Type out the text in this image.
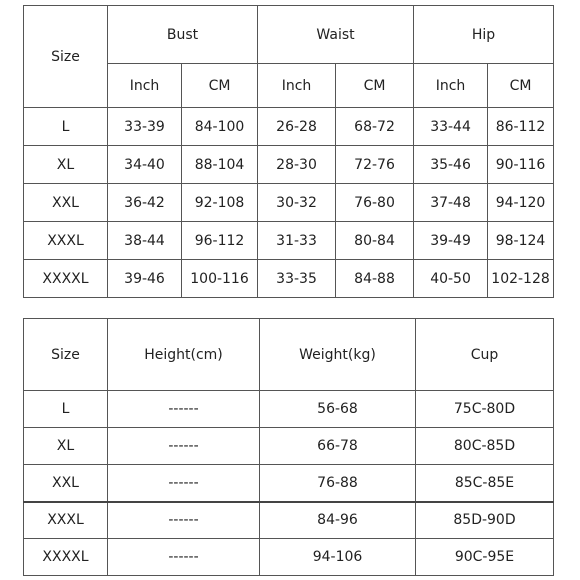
Size	Bust		Waist		Hip	
	Inch	CM	Inch	CM	Inch	CM
L	33-39	84-100	26-28	68-72	33-44	86-112
XL	34-40	88-104	28-30	72-76	35-46	90-116
XXL	36-42	92-108	30-32	76-80	37-48	94-120
XXXL	38-44	96-112	31-33	80-84	39-49	98-124
XXXXL	39-46	100-116	33-35	84-88	40-50	102-128
Size	Height(cm)	Weight(kg)	Cup
L	------	56-68	75C-80D
XL	------	66-78	80C-85D
XXL	------	76-88	85C-85E
XXXL	------	84-96	85D-90D
XXXXL	------	94-106	90C-95E
